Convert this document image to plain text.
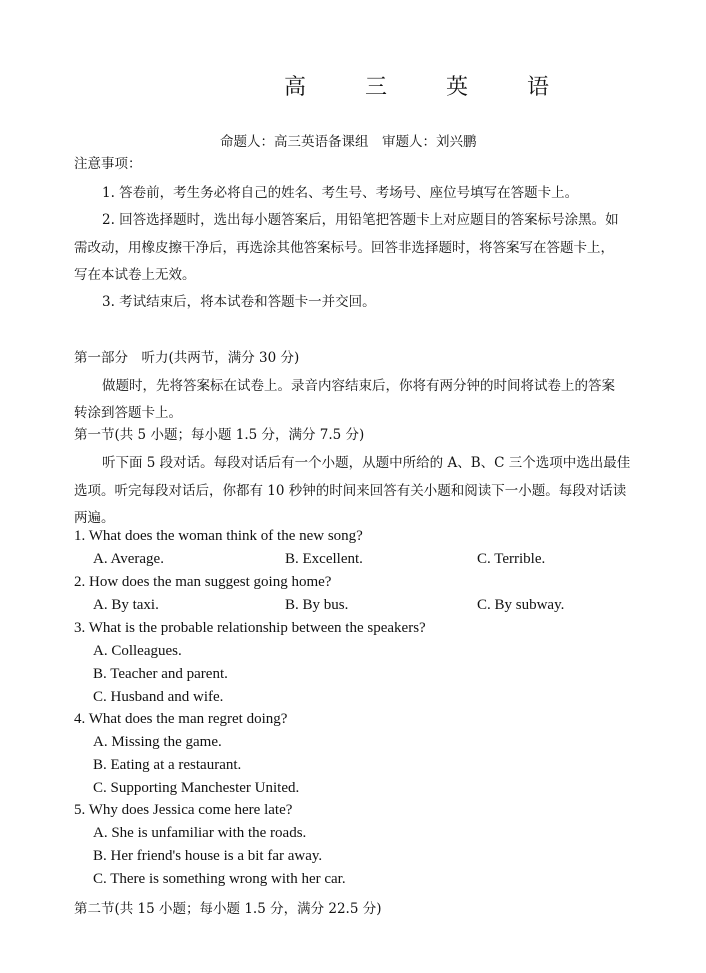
高 三 英 语
命题人：高三英语备课组　审题人：刘兴鹏
注意事项：
1. 答卷前，考生务必将自己的姓名、考生号、考场号、座位号填写在答题卡上。
2. 回答选择题时，选出每小题答案后，用铅笔把答题卡上对应题目的答案标号涂黑。如
需改动，用橡皮擦干净后，再选涂其他答案标号。回答非选择题时，将答案写在答题卡上，
写在本试卷上无效。
3. 考试结束后，将本试卷和答题卡一并交回。
第一部分　听力(共两节，满分 30 分)
做题时，先将答案标在试卷上。录音内容结束后，你将有两分钟的时间将试卷上的答案
转涂到答题卡上。
第一节(共 5 小题；每小题 1.5 分，满分 7.5 分)
听下面 5 段对话。每段对话后有一个小题，从题中所给的 A、B、C 三个选项中选出最佳
选项。听完每段对话后，你都有 10 秒钟的时间来回答有关小题和阅读下一小题。每段对话读
两遍。
1. What does the woman think of the new song?
A. Average.	B. Excellent.	C. Terrible.
2. How does the man suggest going home?
A. By taxi.	B. By bus.	C. By subway.
3. What is the probable relationship between the speakers?
A. Colleagues.
B. Teacher and parent.
C. Husband and wife.
4. What does the man regret doing?
A. Missing the game.
B. Eating at a restaurant.
C. Supporting Manchester United.
5. Why does Jessica come here late?
A. She is unfamiliar with the roads.
B. Her friend's house is a bit far away.
C. There is something wrong with her car.
第二节(共 15 小题；每小题 1.5 分，满分 22.5 分)
